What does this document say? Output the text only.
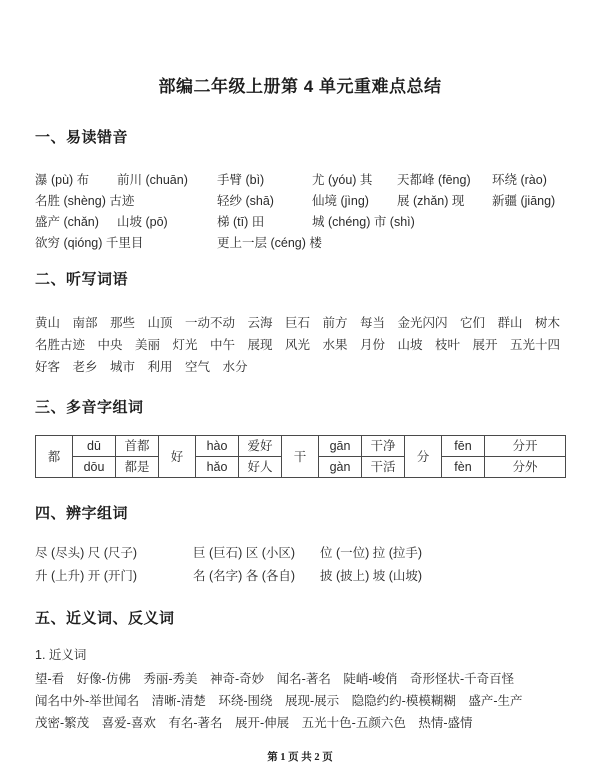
部编二年级上册第 4 单元重难点总结
一、易读错音
瀑 (pù) 布	前川 (chuān)	手臂 (bì)	尤 (yóu) 其	天都峰 (fēng)	环绕 (rào)
名胜 (shèng) 古迹	轻纱 (shā)	仙境 (jìng)	展 (zhǎn) 现	新疆 (jiāng)
盛产 (chǎn)	山坡 (pō)	梯 (tī) 田	城 (chéng) 市 (shì)
欲穷 (qióng) 千里目	更上一层 (céng) 楼
二、听写词语
黄山　南部　那些　山顶　一动不动　云海　巨石　前方　每当　金光闪闪　它们　群山　树木
名胜古迹　中央　美丽　灯光　中午　展现　风光　水果　月份　山坡　枝叶　展开　五光十四
好客　老乡　城市　利用　空气　水分
三、多音字组词
都	dū	首都	好	hào	爱好	干	gān	干净	分	fēn	分开
	dōu	都是		hǎo	好人		gàn	干活		fèn	分外
四、辨字组词
尽 (尽头) 尺 (尺子)	巨 (巨石) 区 (小区)	位 (一位) 拉 (拉手)
升 (上升) 开 (开门)	名 (名字) 各 (各自)	披 (披上) 坡 (山坡)
五、近义词、反义词
1. 近义词
望-看　好像-仿佛　秀丽-秀美　神奇-奇妙　闻名-著名　陡峭-峻俏　奇形怪状-千奇百怪
闻名中外-举世闻名　清晰-清楚　环绕-围绕　展现-展示　隐隐约约-模模糊糊　盛产-生产
茂密-繁茂　喜爱-喜欢　有名-著名　展开-伸展　五光十色-五颜六色　热情-盛情
第 1 页 共 2 页
